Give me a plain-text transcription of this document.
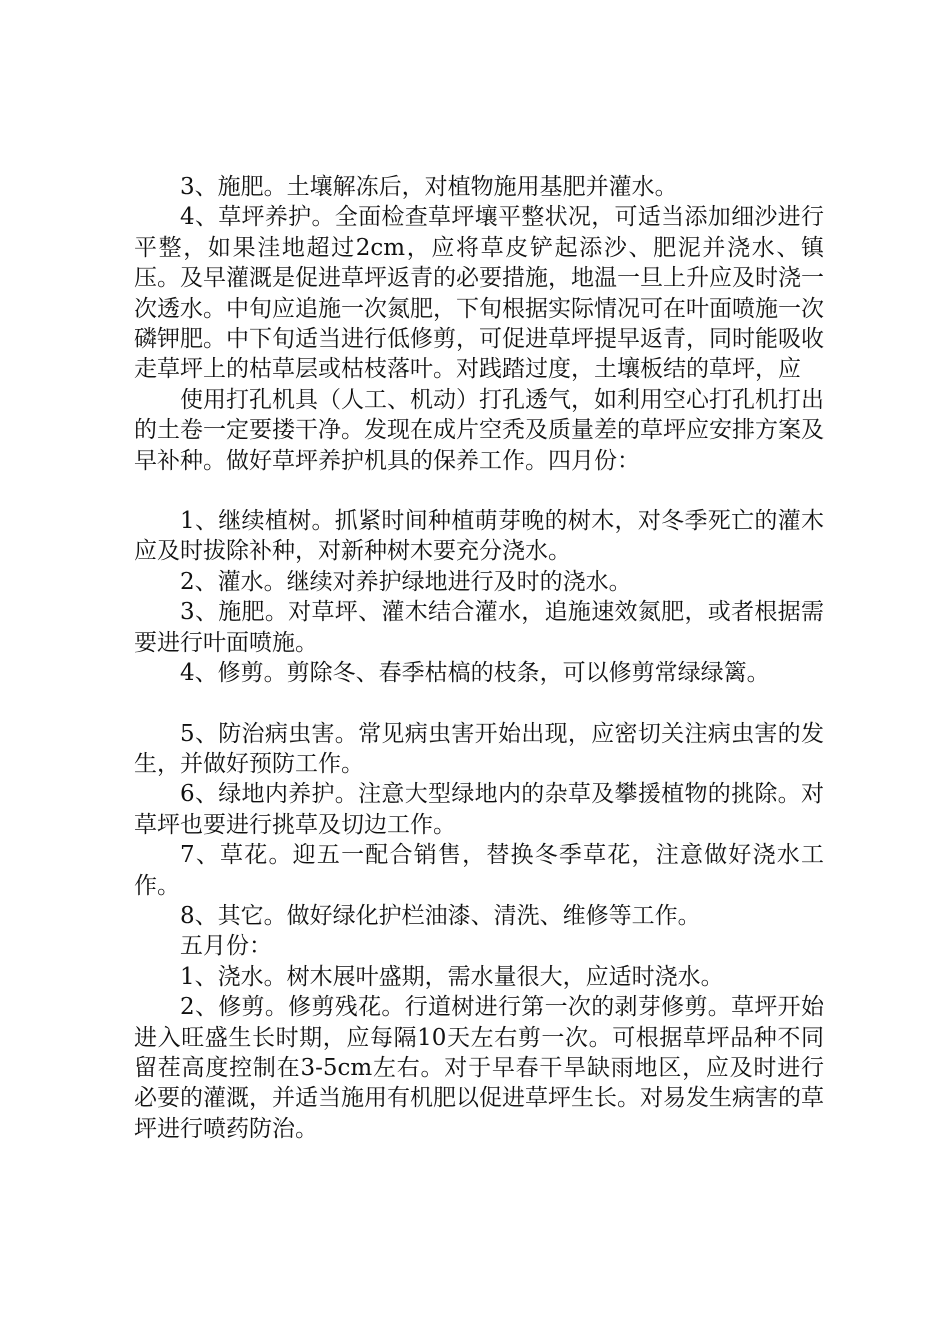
3、施肥。土壤解冻后，对植物施用基肥并灌水。

4、草坪养护。全面检查草坪壤平整状况，可适当添加细沙进行平整，如果洼地超过2cm，应将草皮铲起添沙、肥泥并浇水、镇压。及早灌溉是促进草坪返青的必要措施，地温一旦上升应及时浇一次透水。中旬应追施一次氮肥，下旬根据实际情况可在叶面喷施一次磷钾肥。中下旬适当进行低修剪，可促进草坪提早返青，同时能吸收走草坪上的枯草层或枯枝落叶。对践踏过度，土壤板结的草坪，应

使用打孔机具（人工、机动）打孔透气，如利用空心打孔机打出的土卷一定要搂干净。发现在成片空秃及质量差的草坪应安排方案及早补种。做好草坪养护机具的保养工作。四月份：

1、继续植树。抓紧时间种植萌芽晚的树木，对冬季死亡的灌木应及时拔除补种，对新种树木要充分浇水。

2、灌水。继续对养护绿地进行及时的浇水。

3、施肥。对草坪、灌木结合灌水，追施速效氮肥，或者根据需要进行叶面喷施。

4、修剪。剪除冬、春季枯槁的枝条，可以修剪常绿绿篱。

5、防治病虫害。常见病虫害开始出现，应密切关注病虫害的发生，并做好预防工作。

6、绿地内养护。注意大型绿地内的杂草及攀援植物的挑除。对草坪也要进行挑草及切边工作。

7、草花。迎五一配合销售，替换冬季草花，注意做好浇水工作。

8、其它。做好绿化护栏油漆、清洗、维修等工作。

五月份：

1、浇水。树木展叶盛期，需水量很大，应适时浇水。

2、修剪。修剪残花。行道树进行第一次的剥芽修剪。草坪开始进入旺盛生长时期，应每隔10天左右剪一次。可根据草坪品种不同留茬高度控制在3-5cm左右。对于早春干旱缺雨地区，应及时进行必要的灌溉，并适当施用有机肥以促进草坪生长。对易发生病害的草坪进行喷药防治。
